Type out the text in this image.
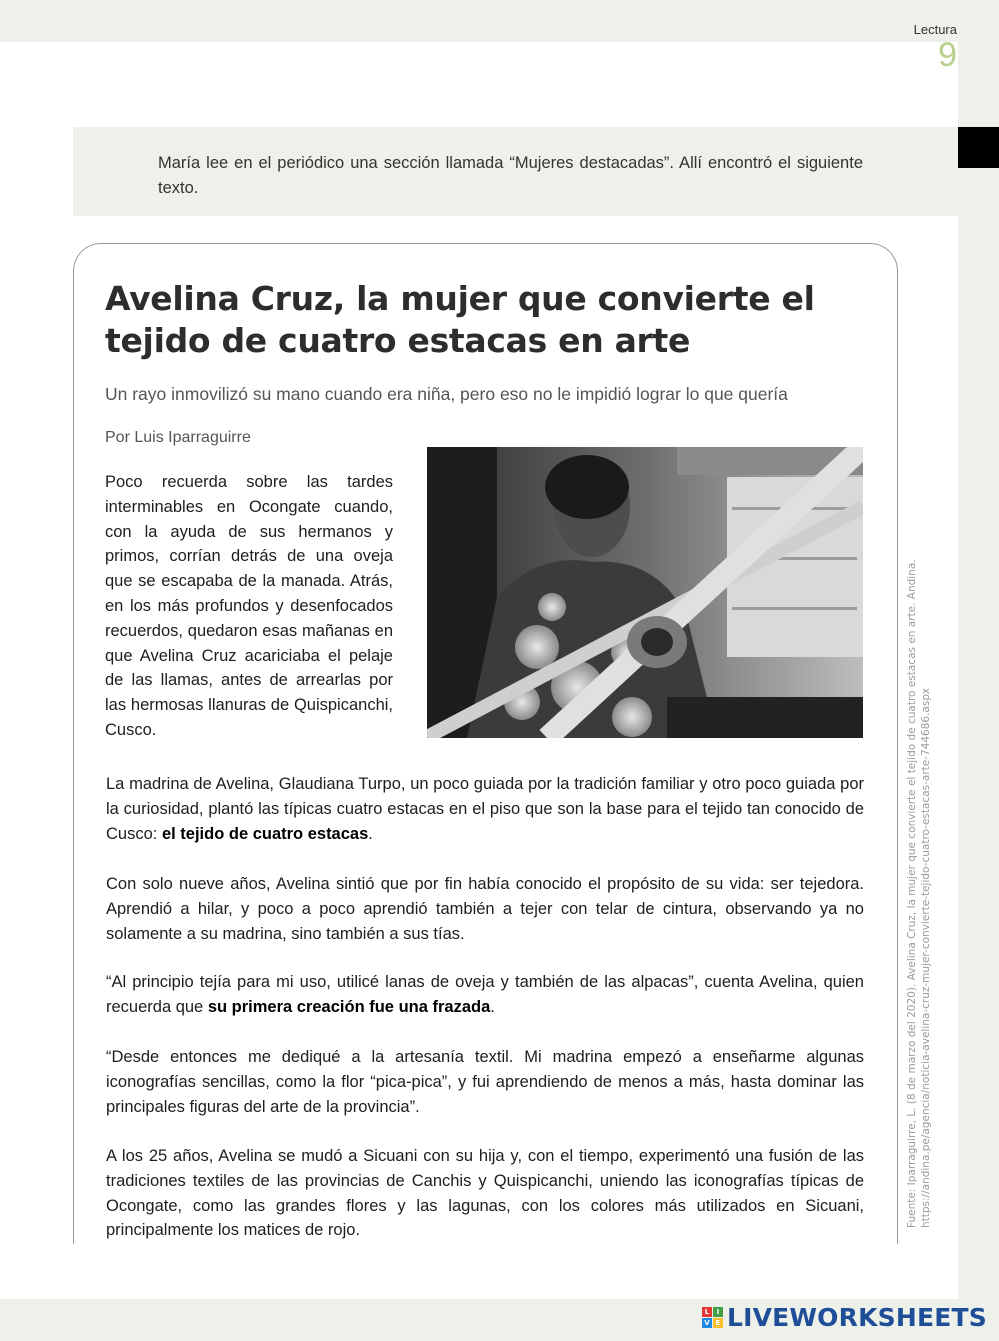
Lectura
9

María lee en el periódico una sección llamada “Mujeres destacadas”. Allí encontró el siguiente texto.

Avelina Cruz, la mujer que convierte el tejido de cuatro estacas en arte
Un rayo inmovilizó su mano cuando era niña, pero eso no le impidió lograr lo que quería
Por Luis Iparraguirre

Poco recuerda sobre las tardes interminables en Ocongate cuando, con la ayuda de sus hermanos y primos, corrían detrás de una oveja que se escapaba de la manada. Atrás, en los más profundos y desenfocados recuerdos, quedaron esas mañanas en que Avelina Cruz acariciaba el pelaje de las llamas, antes de arrearlas por las hermosas llanuras de Quispicanchi, Cusco.

La madrina de Avelina, Glaudiana Turpo, un poco guiada por la tradición familiar y otro poco guiada por la curiosidad, plantó las típicas cuatro estacas en el piso que son la base para el tejido tan conocido de Cusco: el tejido de cuatro estacas.

Con solo nueve años, Avelina sintió que por fin había conocido el propósito de su vida: ser tejedora. Aprendió a hilar, y poco a poco aprendió también a tejer con telar de cintura, observando ya no solamente a su madrina, sino también a sus tías.

“Al principio tejía para mi uso, utilicé lanas de oveja y también de las alpacas”, cuenta Avelina, quien recuerda que su primera creación fue una frazada.

“Desde entonces me dediqué a la artesanía textil. Mi madrina empezó a enseñarme algunas iconografías sencillas, como la flor “pica-pica”, y fui aprendiendo de menos a más, hasta dominar las principales figuras del arte de la provincia”.

A los 25 años, Avelina se mudó a Sicuani con su hija y, con el tiempo, experimentó una fusión de las tradiciones textiles de las provincias de Canchis y Quispicanchi, uniendo las iconografías típicas de Ocongate, como las grandes flores y las lagunas, con los colores más utilizados en Sicuani, principalmente los matices de rojo.

Fuente: Iparraguirre, L. (8 de marzo del 2020). Avelina Cruz, la mujer que convierte el tejido de cuatro estacas en arte. Andina. https://andina.pe/agencia/noticia-avelina-cruz-mujer-convierte-tejido-cuatro-estacas-arte-744686.aspx
L	I
V E LIVEWORKSHEETS
